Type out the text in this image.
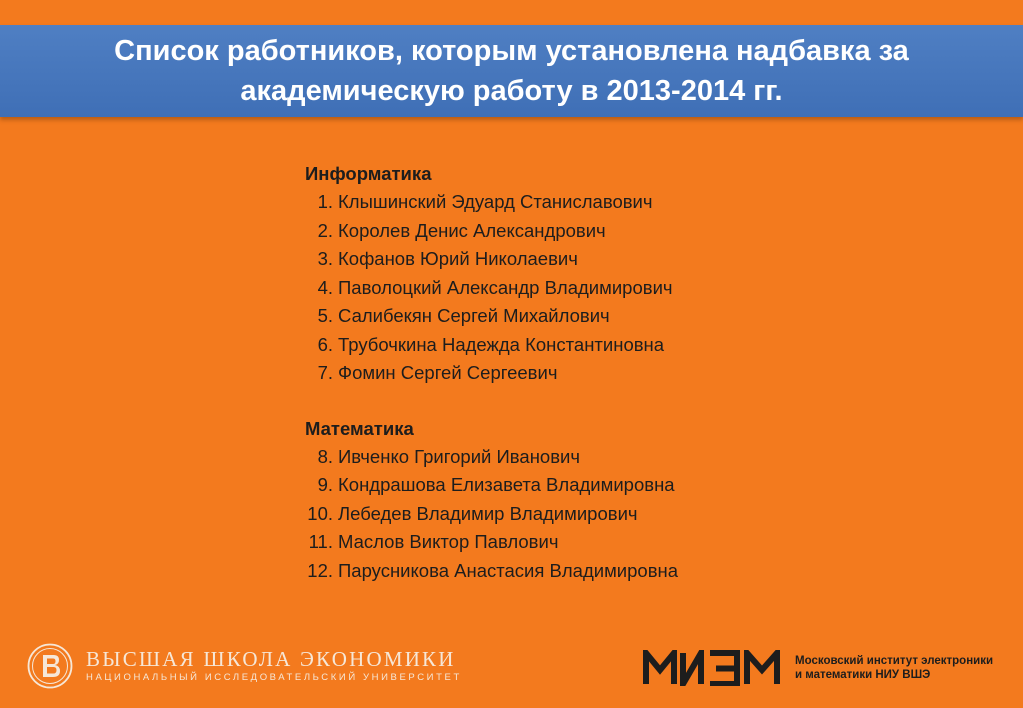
Список работников, которым установлена надбавка за
академическую работу в 2013-2014 гг.
Информатика
1. Клышинский Эдуард Станиславович
2. Королев Денис Александрович
3. Кофанов Юрий Николаевич
4. Паволоцкий Александр Владимирович
5. Салибекян Сергей Михайлович
6. Трубочкина Надежда Константиновна
7. Фомин Сергей Сергеевич
Математика
8. Ивченко Григорий Иванович
9. Кондрашова Елизавета Владимировна
10. Лебедев Владимир Владимирович
11. Маслов Виктор Павлович
12. Парусникова Анастасия Владимировна
ВЫСШАЯ ШКОЛА ЭКОНОМИКИ
НАЦИОНАЛЬНЫЙ ИССЛЕДОВАТЕЛЬСКИЙ УНИВЕРСИТЕТ
Московский институт электроники
и математики НИУ ВШЭ
